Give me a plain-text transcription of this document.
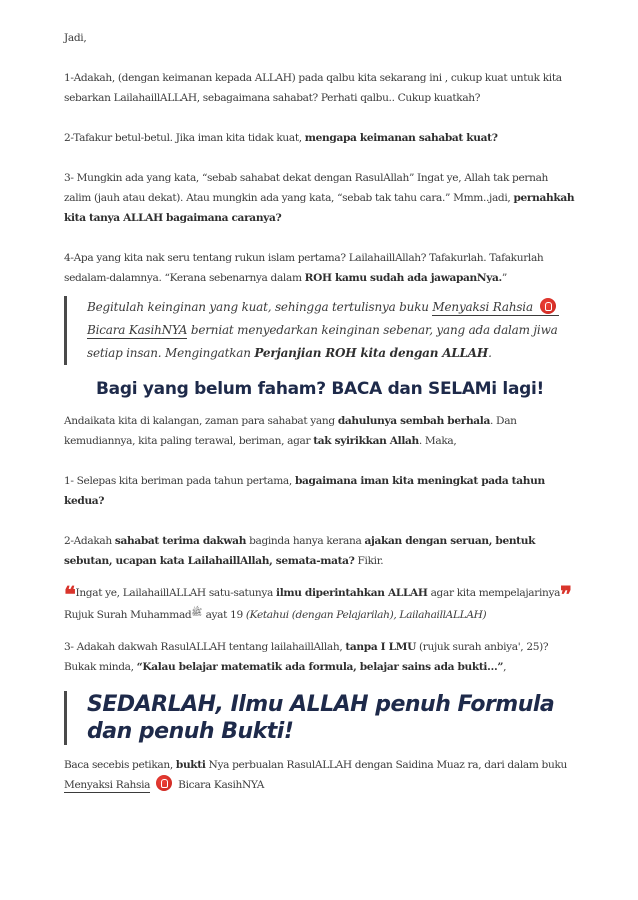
Jadi,

1-Adakah, (dengan keimanan kepada ALLAH) pada qalbu kita sekarang ini , cukup kuat untuk kita sebarkan LailahaillALLAH, sebagaimana sahabat? Perhati qalbu.. Cukup kuatkah?

2-Tafakur betul-betul. Jika iman kita tidak kuat, mengapa keimanan sahabat kuat?

3- Mungkin ada yang kata, “sebab sahabat dekat dengan RasulAllah” Ingat ye, Allah tak pernah zalim (jauh atau dekat). Atau mungkin ada yang kata, “sebab tak tahu cara.” Mmm..jadi, pernahkah kita tanya ALLAH bagaimana caranya?

4-Apa yang kita nak seru tentang rukun islam pertama? LailahaillAllah? Tafakurlah. Tafakurlah sedalam-dalamnya. “Kerana sebenarnya dalam ROH kamu sudah ada jawapanNya.”

Begitulah keinginan yang kuat, sehingga tertulisnya buku Menyaksi Rahsia Bicara KasihNYA berniat menyedarkan keinginan sebenar, yang ada dalam jiwa setiap insan. Mengingatkan Perjanjian ROH kita dengan ALLAH.

Bagi yang belum faham? BACA dan SELAMi lagi!

Andaikata kita di kalangan, zaman para sahabat yang dahulunya sembah berhala. Dan kemudiannya, kita paling terawal, beriman, agar tak syirikkan Allah. Maka,

1- Selepas kita beriman pada tahun pertama, bagaimana iman kita meningkat pada tahun kedua?

2-Adakah sahabat terima dakwah baginda hanya kerana ajakan dengan seruan, bentuk sebutan, ucapan kata LailahaillAllah, semata-mata? Fikir.

❝Ingat ye, LailahaillALLAH satu-satunya ilmu diperintahkan ALLAH agar kita mempelajarinya❞
Rujuk Surah Muhammad$^ﷺ$ ayat 19 (Ketahui (dengan Pelajarilah), LailahaillALLAH)

3- Adakah dakwah RasulALLAH tentang lailahaillAllah, tanpa I LMU (rujuk surah anbiya', 25)? Bukak minda, “Kalau belajar matematik ada formula, belajar sains ada bukti…”,

SEDARLAH, Ilmu ALLAH penuh Formula dan penuh Bukti!

Baca secebis petikan, bukti Nya perbualan RasulALLAH dengan Saidina Muaz ra, dari dalam buku Menyaksi Rahsia  Bicara KasihNYA
